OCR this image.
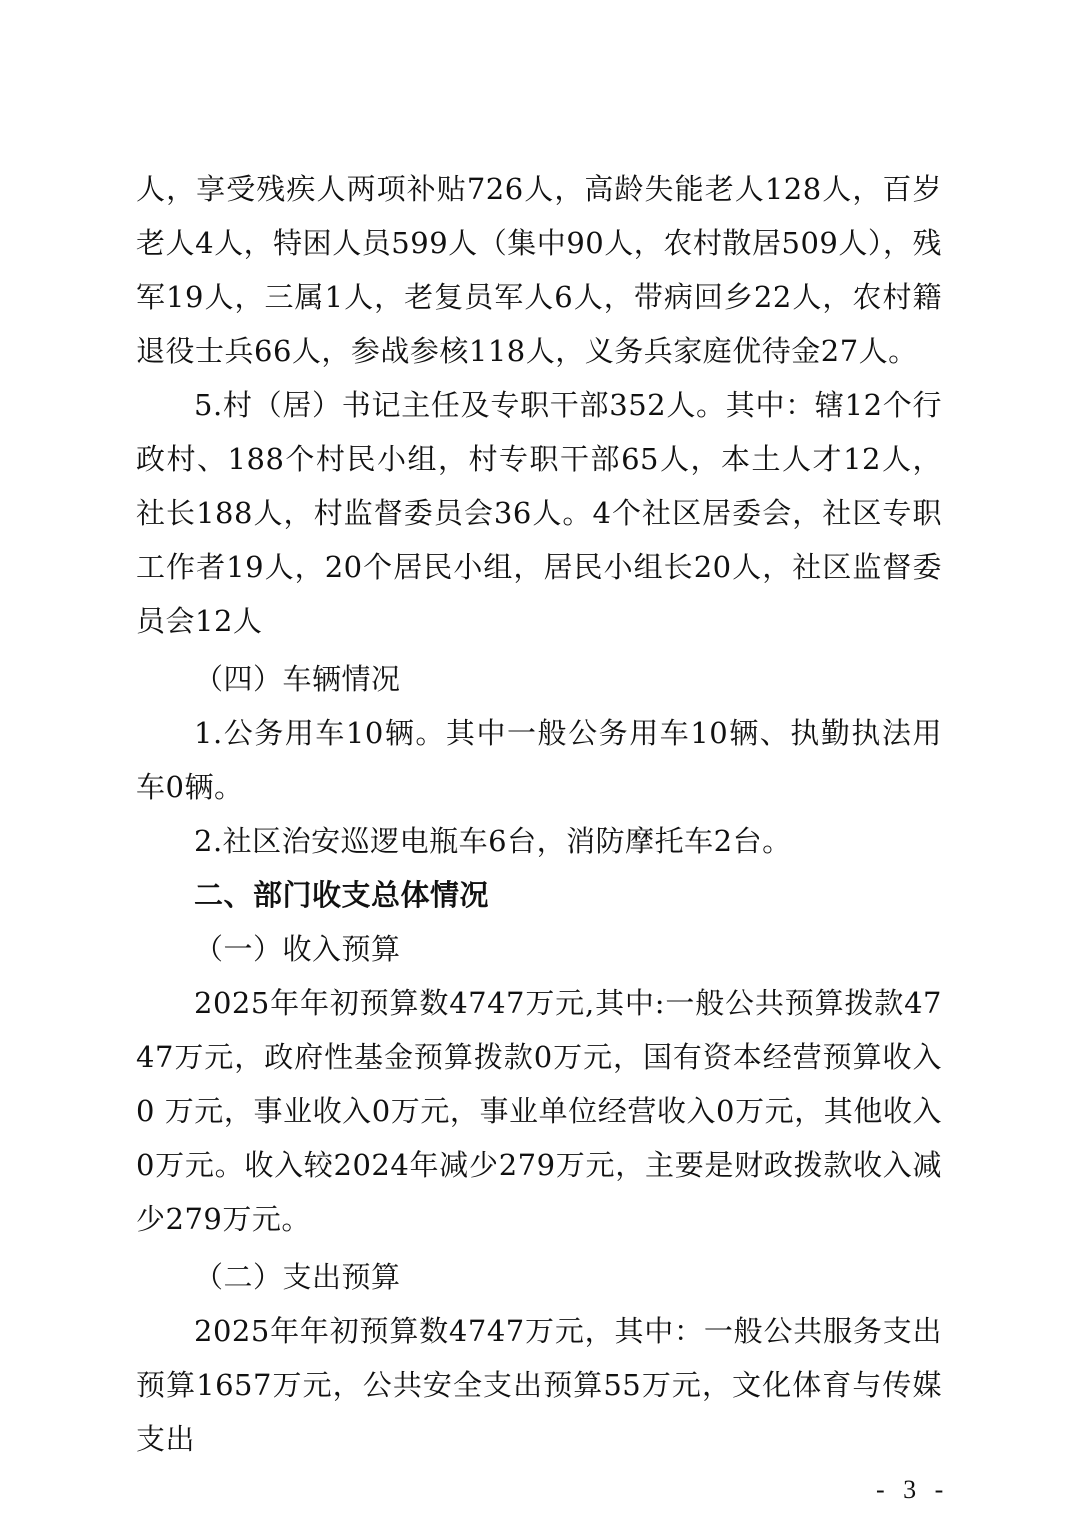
人，享受残疾人两项补贴726人，高龄失能老人128人，百岁老人4人，特困人员599人（集中90人，农村散居509人），残军19人，三属1人，老复员军人6人，带病回乡22人，农村籍退役士兵66人，参战参核118人，义务兵家庭优待金27人。

5.村（居）书记主任及专职干部352人。其中：辖12个行政村、188个村民小组，村专职干部65人，本土人才12人，社长188人，村监督委员会36人。4个社区居委会，社区专职工作者19人，20个居民小组，居民小组长20人，社区监督委员会12人

（四）车辆情况

1.公务用车10辆。其中一般公务用车10辆、执勤执法用车0辆。

2.社区治安巡逻电瓶车6台，消防摩托车2台。

二、部门收支总体情况

（一）收入预算

2025年年初预算数4747万元,其中:一般公共预算拨款4747万元，政府性基金预算拨款0万元，国有资本经营预算收入0 万元，事业收入0万元，事业单位经营收入0万元，其他收入 0万元。收入较2024年减少279万元，主要是财政拨款收入减少279万元。

（二）支出预算

2025年年初预算数4747万元，其中：一般公共服务支出预算1657万元，公共安全支出预算55万元，文化体育与传媒支出

- 3 -
